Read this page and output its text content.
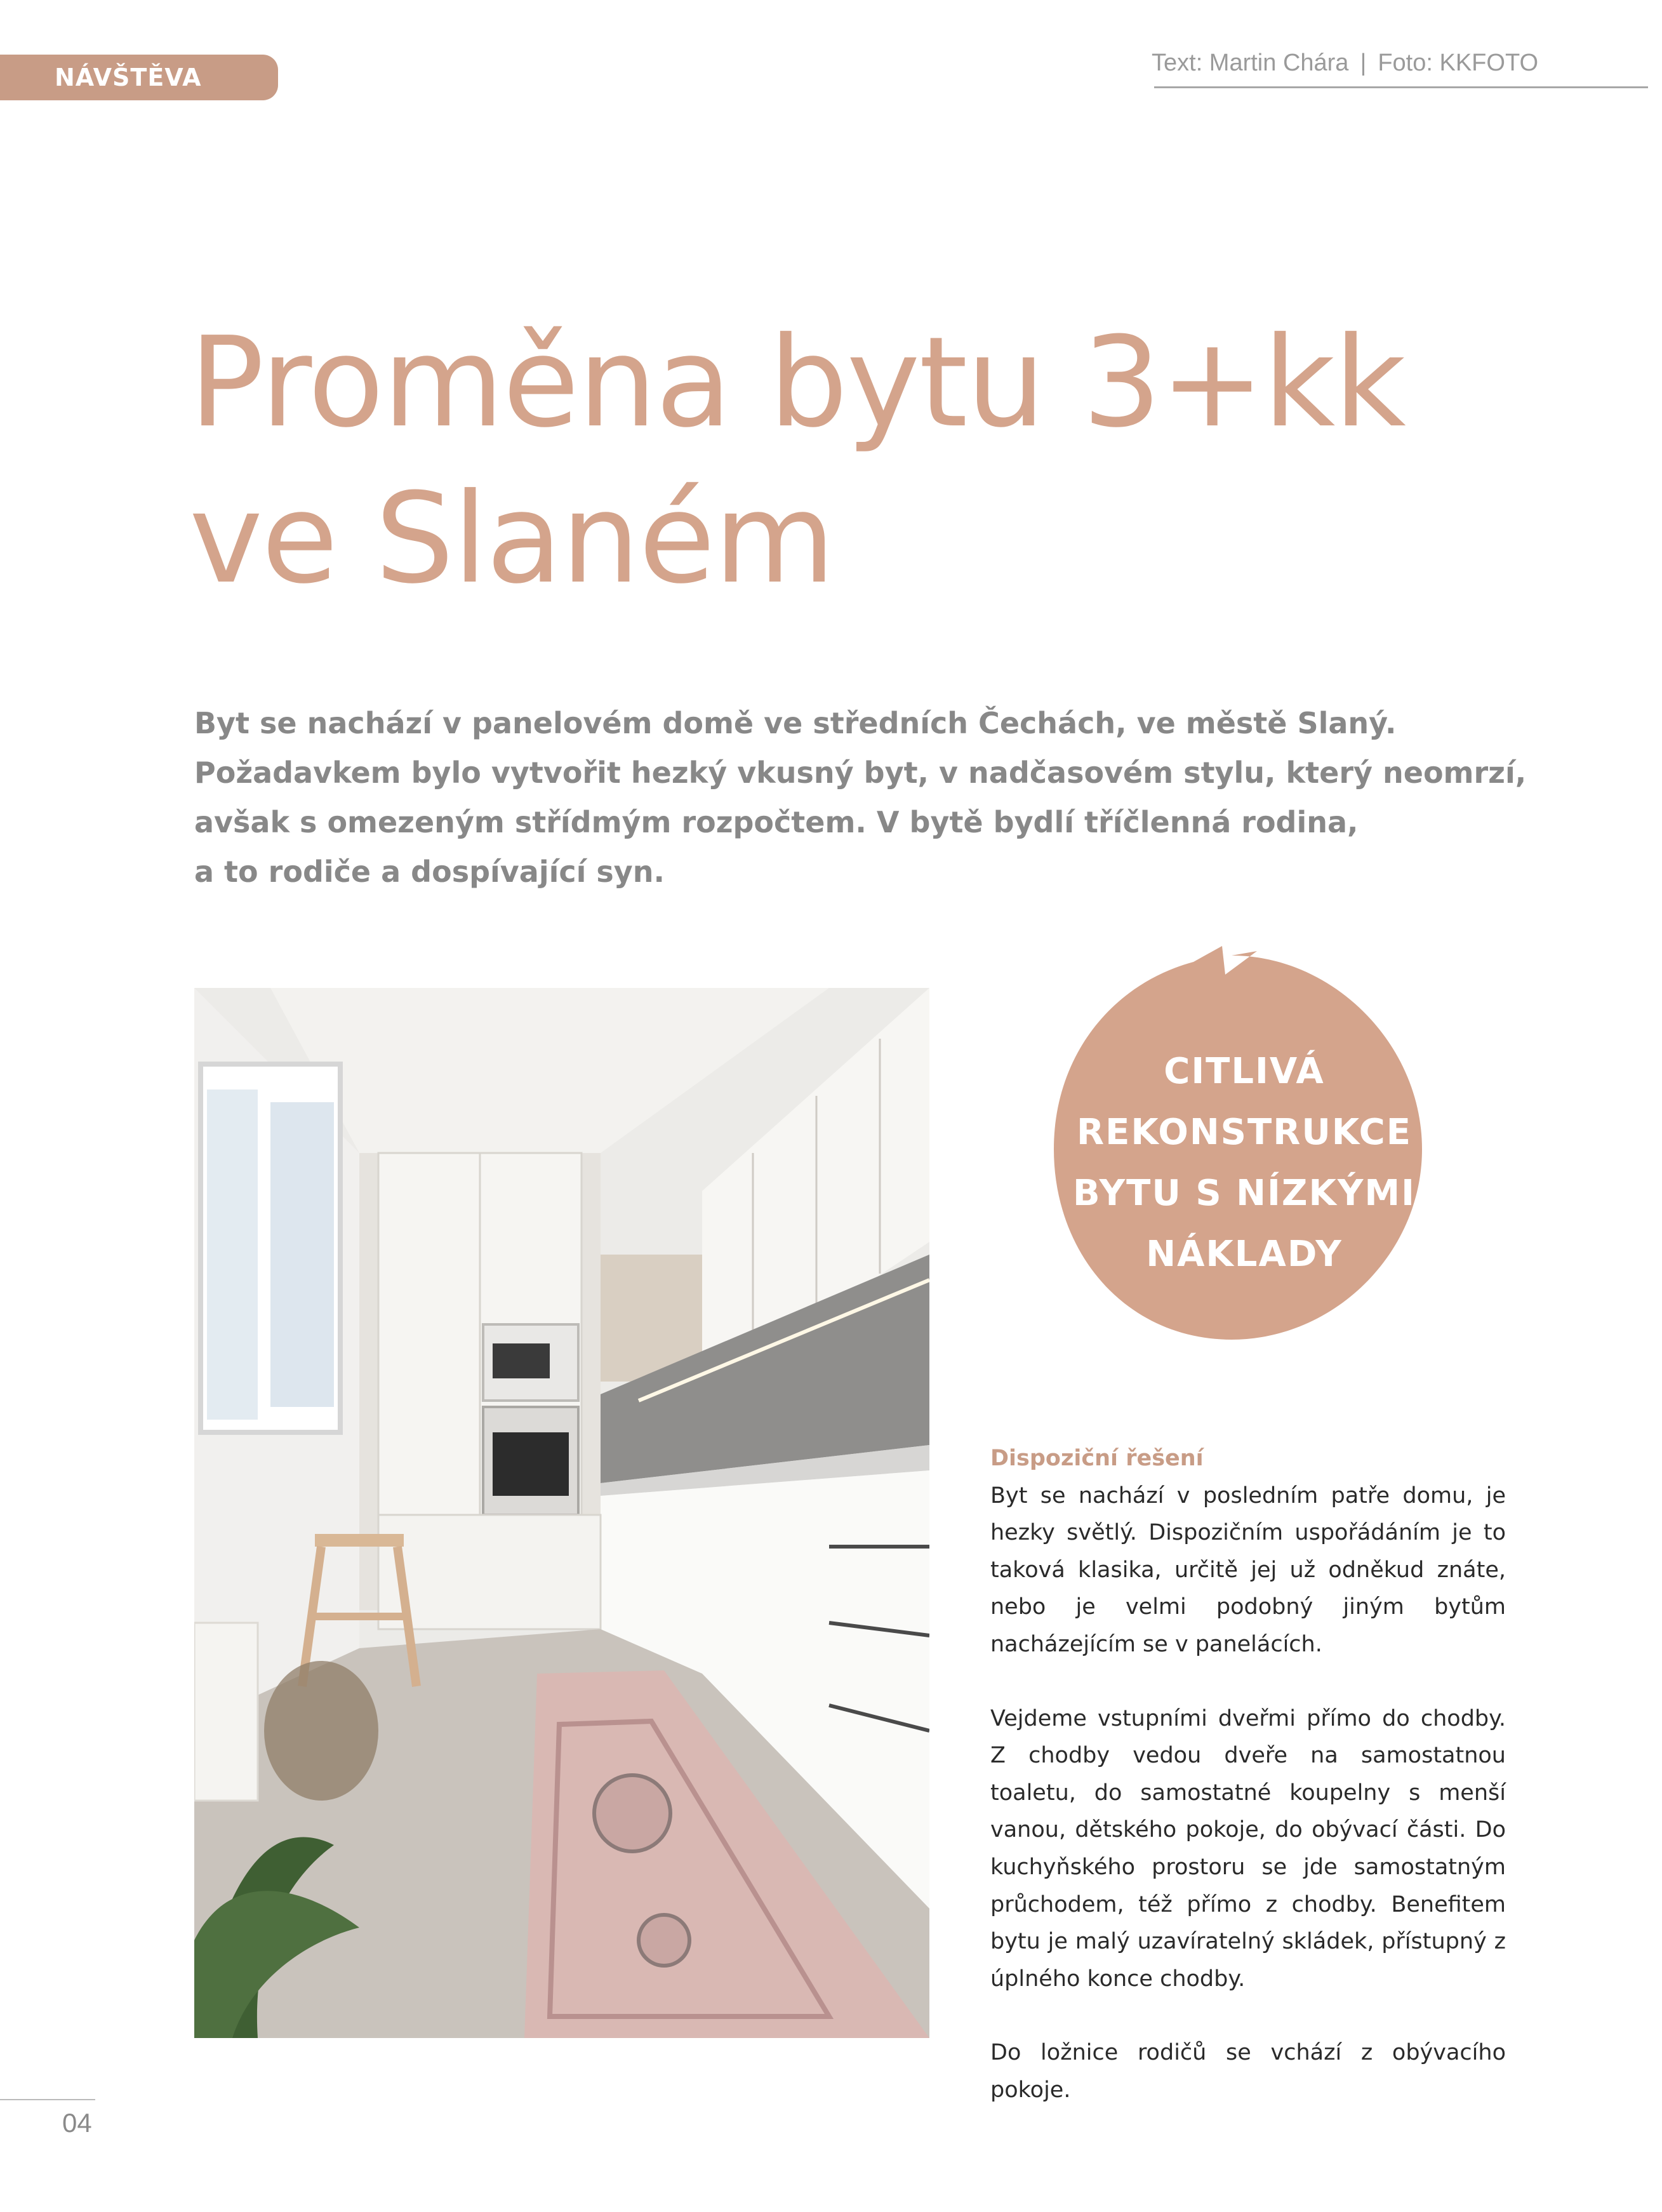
NÁVŠTĚVA
Text: Martin Chára | Foto: KKFOTO
Proměna bytu 3+kk
ve Slaném
Byt se nachází v panelovém domě ve středních Čechách, ve městě Slaný.
Požadavkem bylo vytvořit hezký vkusný byt, v nadčasovém stylu, který neomrzí,
avšak s omezeným střídmým rozpočtem. V bytě bydlí tříčlenná rodina,
a to rodiče a dospívající syn.
CITLIVÁ
REKONSTRUKCE
BYTU S NÍZKÝMI
NÁKLADY
Dispoziční řešení

Byt se nachází v posledním patře domu, je hezky světlý. Dispozičním uspořádáním je to taková klasika, určitě jej už odněkud znáte, nebo je velmi podobný jiným bytům nacházejícím se v panelácích.

Vejdeme vstupními dveřmi přímo do chodby. Z chodby vedou dveře na samostatnou toaletu, do samostatné koupelny s menší vanou, dětského pokoje, do obývací části. Do kuchyňského prostoru se jde samostatným průchodem, též přímo z chodby. Benefitem bytu je malý uzavíratelný skládek, přístupný z úplného konce chodby.

Do ložnice rodičů se vchází z obývacího pokoje.

04
